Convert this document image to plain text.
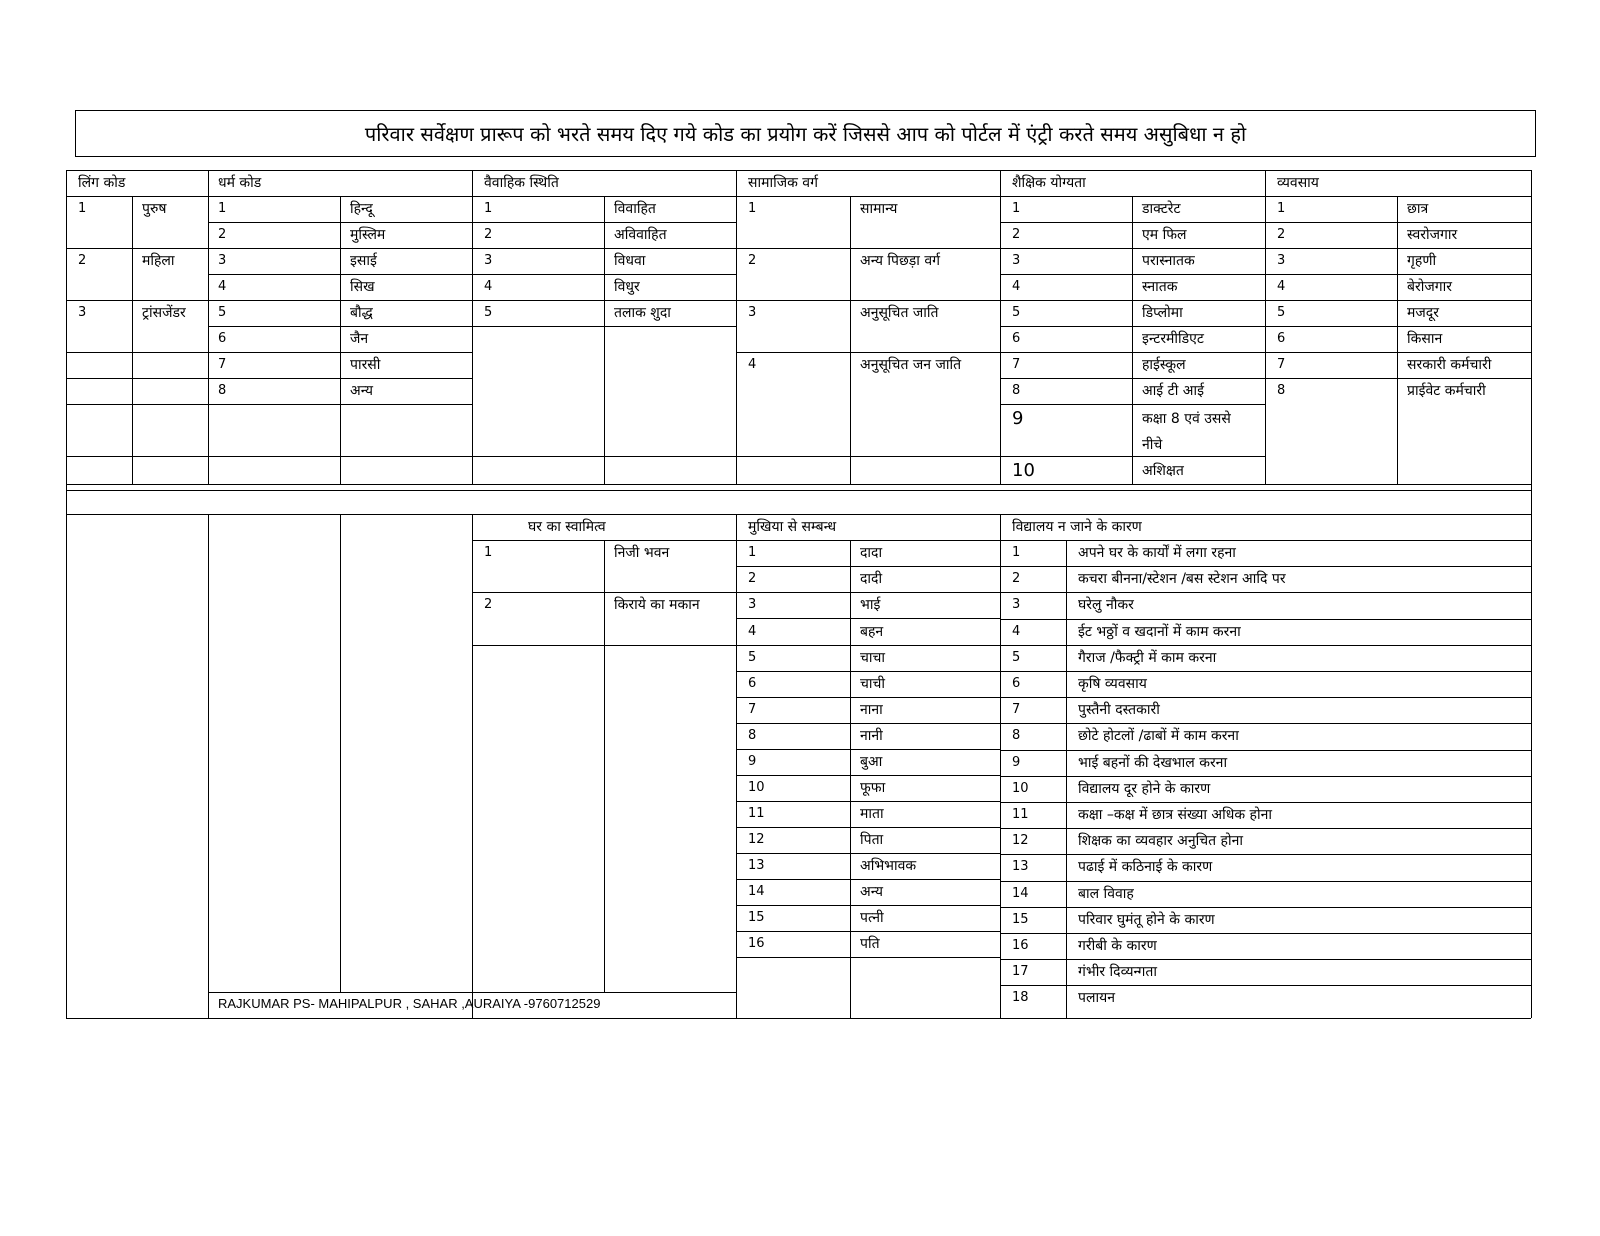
परिवार सर्वेक्षण प्रारूप को भरते समय दिए गये कोड का प्रयोग करें जिससे आप को पोर्टल में एंट्री करते समय असुबिधा न हो
लिंग कोड	धर्म कोड	वैवाहिक स्थिति	सामाजिक वर्ग	शैक्षिक योग्यता	व्यवसाय
1	पुरुष
2	महिला
3	ट्रांसजेंडर
1	हिन्दू
2	मुस्लिम
3	इसाई
4	सिख
5	बौद्ध
6	जैन
7	पारसी
8	अन्य
1	विवाहित
2	अविवाहित
3	विधवा
4	विधुर
5	तलाक शुदा
1	सामान्य
2	अन्य पिछड़ा वर्ग
3	अनुसूचित जाति
4	अनुसूचित जन जाति
1	डाक्टरेट
2	एम फिल
3	परास्नातक
4	स्नातक
5	डिप्लोमा
6	इन्टरमीडिएट
7	हाईस्कूल
8	आई टी आई
9	कक्षा 8 एवं उससे
नीचे
10	अशिक्षत
1	छात्र
2	स्वरोजगार
3	गृहणी
4	बेरोजगार
5	मजदूर
6	किसान
7	सरकारी कर्मचारी
8	प्राईवेट कर्मचारी
घर का स्वामित्व	मुखिया से सम्बन्ध	विद्यालय न जाने के कारण
1	निजी भवन
2	किराये का मकान
RAJKUMAR PS- MAHIPALPUR , SAHAR ,AURAIYA -9760712529
1	दादा
2	दादी
3	भाई
4	बहन
5	चाचा
6	चाची
7	नाना
8	नानी
9	बुआ
10	फूफा
11	माता
12	पिता
13	अभिभावक
14	अन्य
15	पत्नी
16	पति
1	अपने घर के कार्यों में लगा रहना
2	कचरा बीनना/स्टेशन /बस स्टेशन आदि पर
3	घरेलु नौकर
4	ईट भठ्ठों व खदानों में काम करना
5	गैराज /फैक्ट्री में काम करना
6	कृषि व्यवसाय
7	पुस्तैनी दस्तकारी
8	छोटे होटलों /ढाबों में काम करना
9	भाई बहनों की देखभाल करना
10	विद्यालय दूर होने के कारण
11	कक्षा –कक्ष में छात्र संख्या अधिक होना
12	शिक्षक का व्यवहार अनुचित होना
13	पढाई में कठिनाई के कारण
14	बाल विवाह
15	परिवार घुमंतू होने के कारण
16	गरीबी के कारण
17	गंभीर दिव्यन्गता
18	पलायन
